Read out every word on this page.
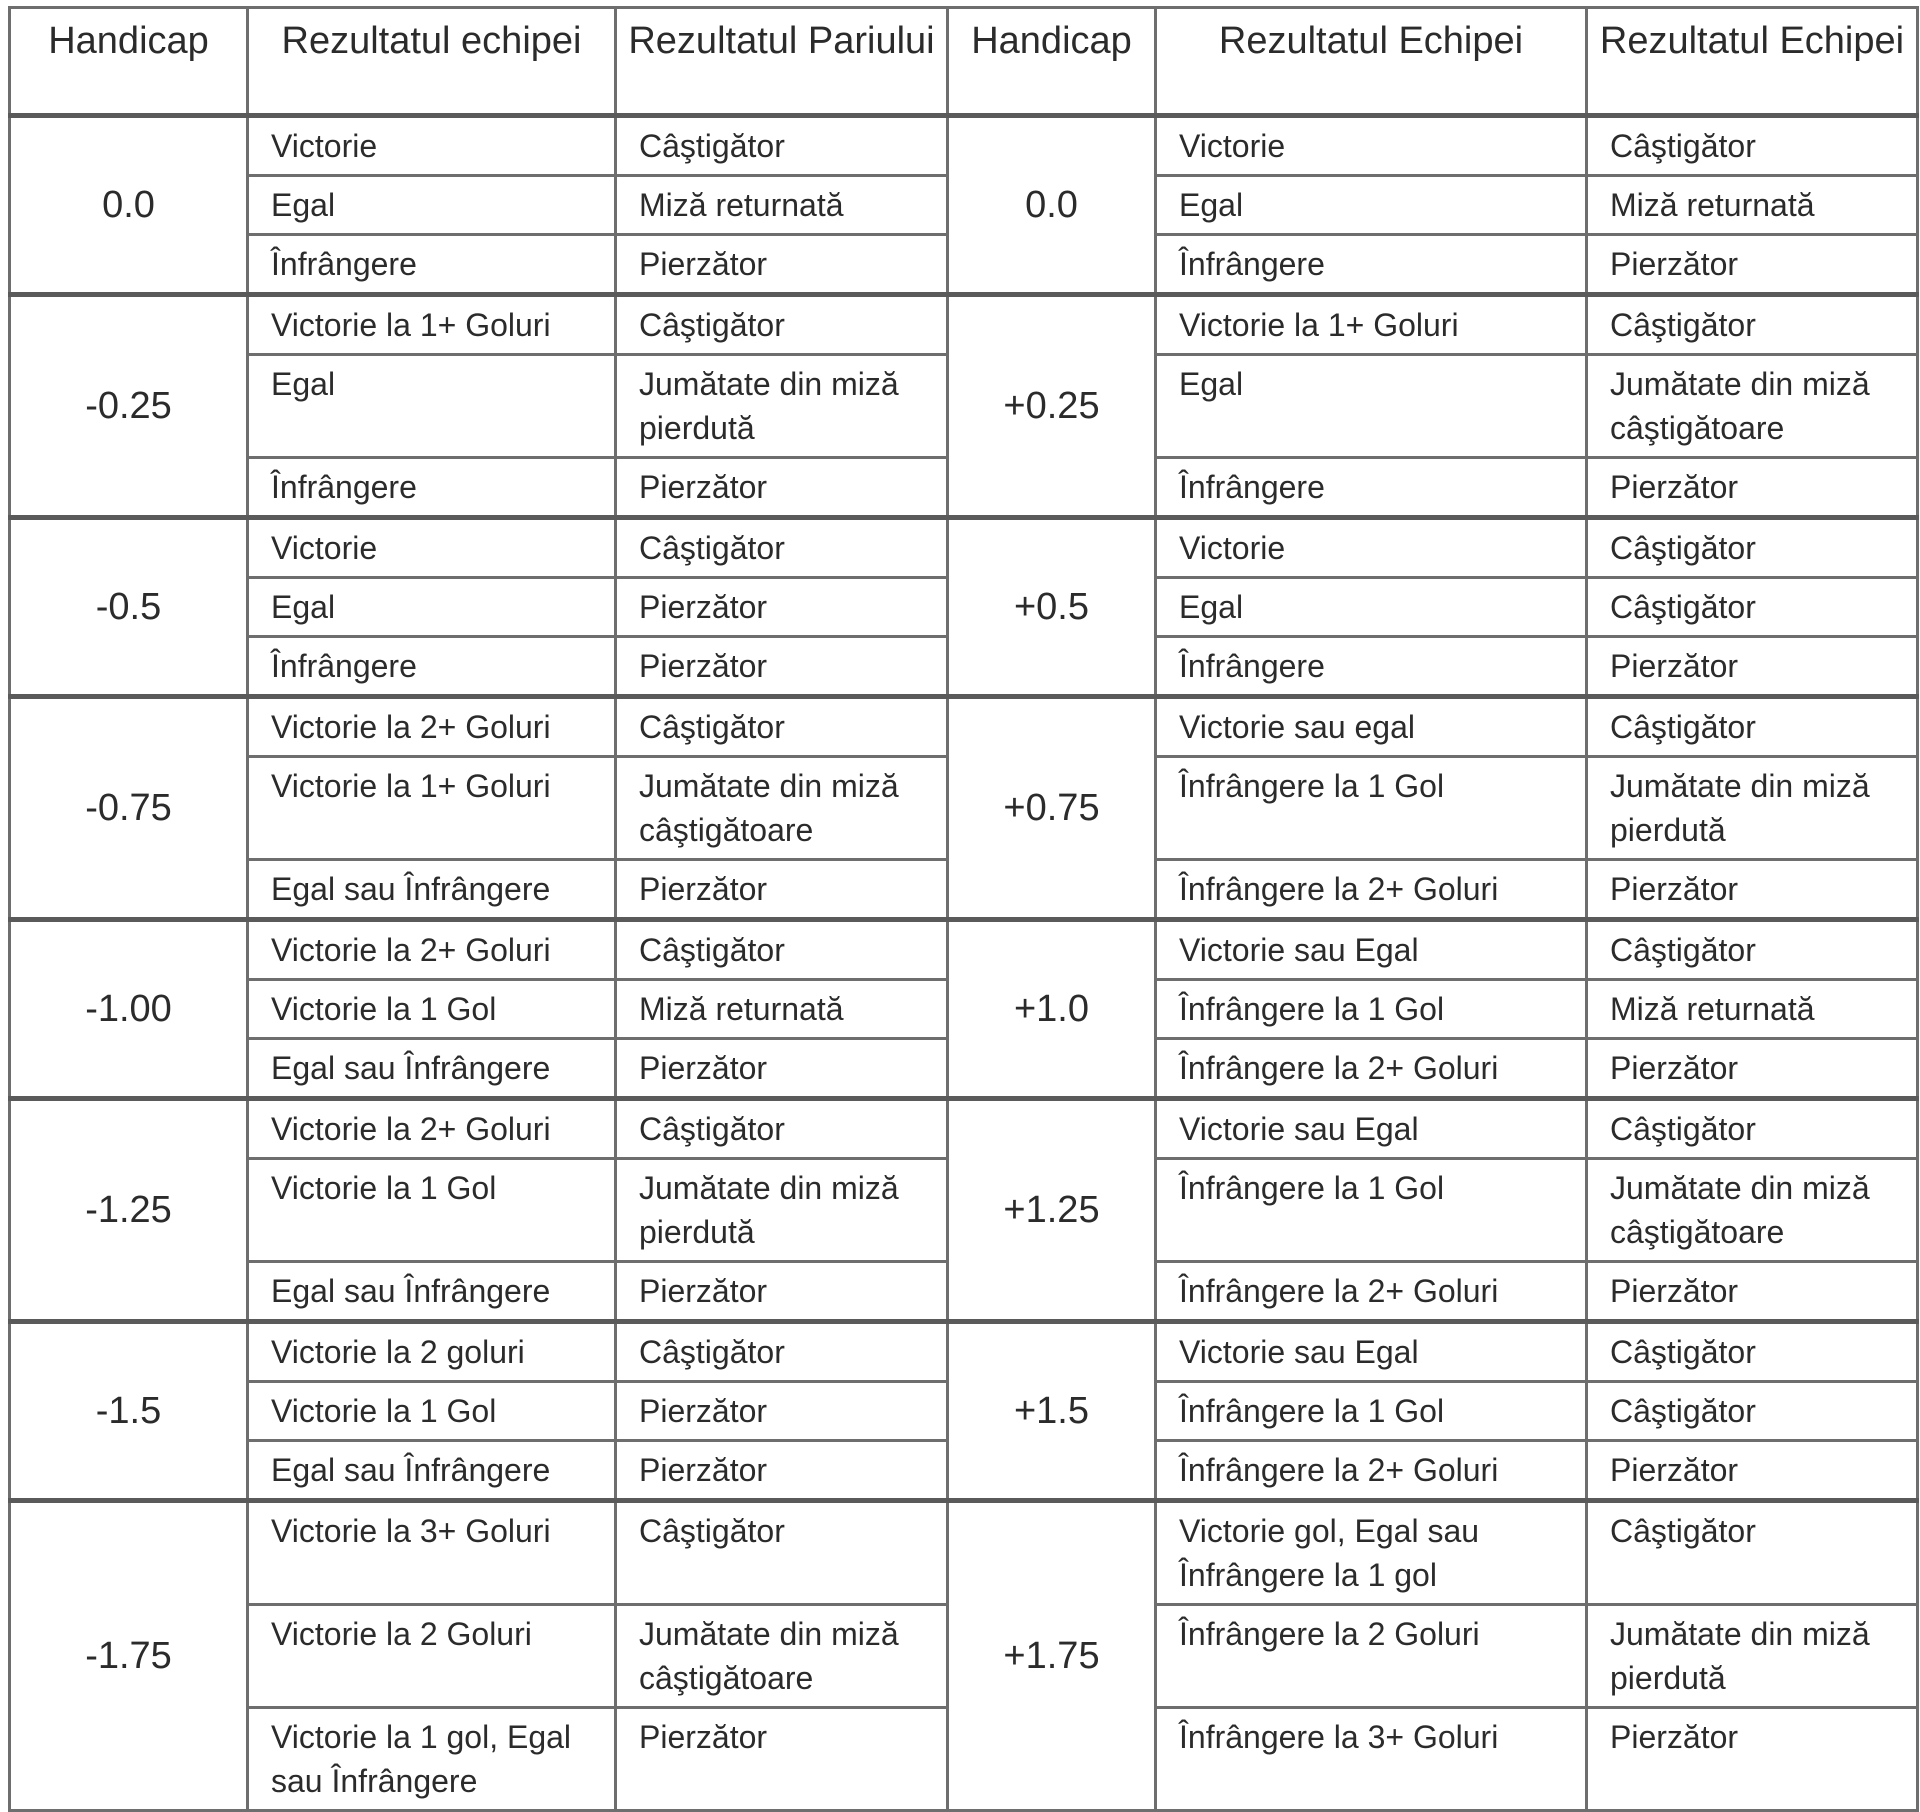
Handicap	Rezultatul echipei	Rezultatul Pariului	Handicap	Rezultatul Echipei	Rezultatul Echipei
0.0	Victorie	Câştigător	0.0	Victorie	Câştigător
	Egal	Miză returnată		Egal	Miză returnată
	Înfrângere	Pierzător		Înfrângere	Pierzător
-0.25	Victorie la 1+ Goluri	Câştigător	+0.25	Victorie la 1+ Goluri	Câştigător
	Egal	Jumătate din miză pierdută		Egal	Jumătate din miză câştigătoare
	Înfrângere	Pierzător		Înfrângere	Pierzător
-0.5	Victorie	Câştigător	+0.5	Victorie	Câştigător
	Egal	Pierzător		Egal	Câştigător
	Înfrângere	Pierzător		Înfrângere	Pierzător
-0.75	Victorie la 2+ Goluri	Câştigător	+0.75	Victorie sau egal	Câştigător
	Victorie la 1+ Goluri	Jumătate din miză câştigătoare		Înfrângere la 1 Gol	Jumătate din miză pierdută
	Egal sau Înfrângere	Pierzător		Înfrângere la 2+ Goluri	Pierzător
-1.00	Victorie la 2+ Goluri	Câştigător	+1.0	Victorie sau Egal	Câştigător
	Victorie la 1 Gol	Miză returnată		Înfrângere la 1 Gol	Miză returnată
	Egal sau Înfrângere	Pierzător		Înfrângere la 2+ Goluri	Pierzător
-1.25	Victorie la 2+ Goluri	Câştigător	+1.25	Victorie sau Egal	Câştigător
	Victorie la 1 Gol	Jumătate din miză pierdută		Înfrângere la 1 Gol	Jumătate din miză câştigătoare
	Egal sau Înfrângere	Pierzător		Înfrângere la 2+ Goluri	Pierzător
-1.5	Victorie la 2 goluri	Câştigător	+1.5	Victorie sau Egal	Câştigător
	Victorie la 1 Gol	Pierzător		Înfrângere la 1 Gol	Câştigător
	Egal sau Înfrângere	Pierzător		Înfrângere la 2+ Goluri	Pierzător
-1.75	Victorie la 3+ Goluri	Câştigător	+1.75	Victorie gol, Egal sau Înfrângere la 1 gol	Câştigător
	Victorie la 2 Goluri	Jumătate din miză câştigătoare		Înfrângere la 2 Goluri	Jumătate din miză pierdută
	Victorie la 1 gol, Egal sau Înfrângere	Pierzător		Înfrângere la 3+ Goluri	Pierzător
